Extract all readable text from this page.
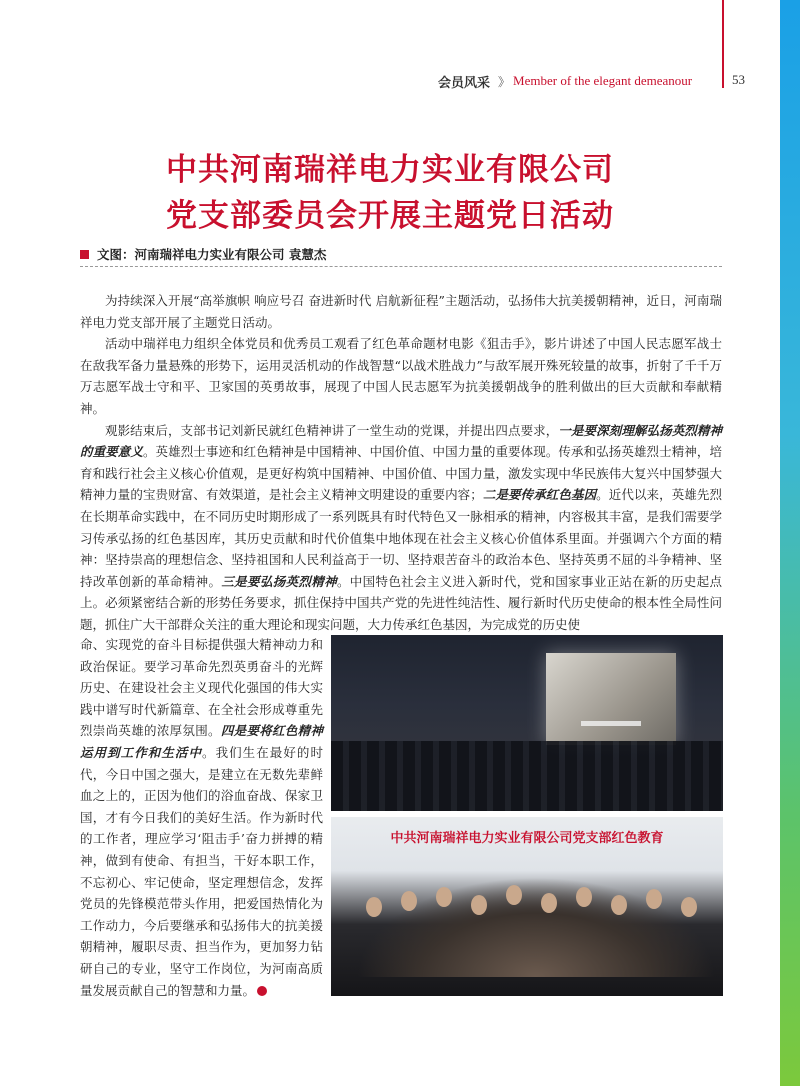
会员风采 》 Member of the elegant demeanour	53
中共河南瑞祥电力实业有限公司
党支部委员会开展主题党日活动
文图：河南瑞祥电力实业有限公司 袁慧杰

为持续深入开展“高举旗帜 响应号召 奋进新时代 启航新征程”主题活动，弘扬伟大抗美援朝精神，近日，河南瑞祥电力党支部开展了主题党日活动。

活动中瑞祥电力组织全体党员和优秀员工观看了红色革命题材电影《狙击手》，影片讲述了中国人民志愿军战士在敌我军备力量悬殊的形势下，运用灵活机动的作战智慧“以战术胜战力”与敌军展开殊死较量的故事，折射了千千万万志愿军战士守和平、卫家国的英勇故事，展现了中国人民志愿军为抗美援朝战争的胜利做出的巨大贡献和奉献精神。

观影结束后，支部书记刘新民就红色精神讲了一堂生动的党课，并提出四点要求，一是要深刻理解弘扬英烈精神的重要意义。英雄烈士事迹和红色精神是中国精神、中国价值、中国力量的重要体现。传承和弘扬英雄烈士精神，培育和践行社会主义核心价值观，是更好构筑中国精神、中国价值、中国力量，激发实现中华民族伟大复兴中国梦强大精神力量的宝贵财富、有效渠道，是社会主义精神文明建设的重要内容；二是要传承红色基因。近代以来，英雄先烈在长期革命实践中，在不同历史时期形成了一系列既具有时代特色又一脉相承的精神，内容极其丰富，是我们需要学习传承弘扬的红色基因库，其历史贡献和时代价值集中地体现在社会主义核心价值体系里面。并强调六个方面的精神：坚持崇高的理想信念、坚持祖国和人民利益高于一切、坚持艰苦奋斗的政治本色、坚持英勇不屈的斗争精神、坚持改革创新的革命精神。三是要弘扬英烈精神。中国特色社会主义进入新时代，党和国家事业正站在新的历史起点上。必须紧密结合新的形势任务要求，抓住保持中国共产党的先进性纯洁性、履行新时代历史使命的根本性全局性问题，抓住广大干部群众关注的重大理论和现实问题，大力传承红色基因，为完成党的历史使

命、实现党的奋斗目标提供强大精神动力和政治保证。要学习革命先烈英勇奋斗的光辉历史、在建设社会主义现代化强国的伟大实践中谱写时代新篇章、在全社会形成尊重先烈崇尚英雄的浓厚氛围。四是要将红色精神运用到工作和生活中。我们生在最好的时代，今日中国之强大，是建立在无数先辈鲜血之上的，正因为他们的浴血奋战、保家卫国，才有今日我们的美好生活。作为新时代的工作者，理应学习‘阻击手’奋力拼搏的精神，做到有使命、有担当，干好本职工作，不忘初心、牢记使命，坚定理想信念，发挥党员的先锋模范带头作用，把爱国热情化为工作动力，今后要继承和弘扬伟大的抗美援朝精神，履职尽责、担当作为，更加努力钻研自己的专业，坚守工作岗位，为河南高质量发展贡献自己的智慧和力量。
中共河南瑞祥电力实业有限公司党支部红色教育
